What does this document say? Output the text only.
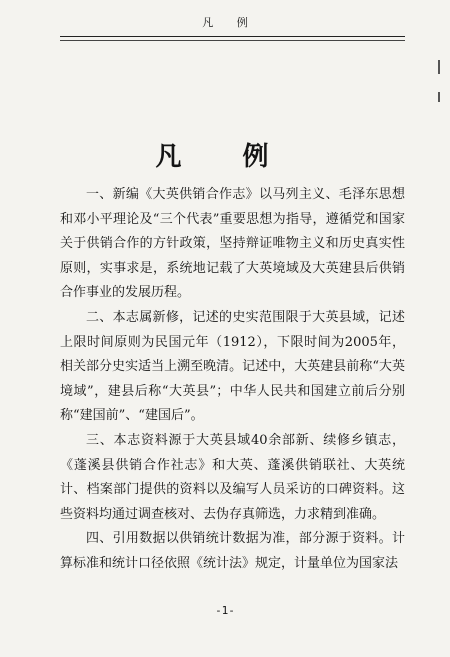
凡 例
凡 例

一、新编《大英供销合作志》以马列主义、毛泽东思想和邓小平理论及“三个代表”重要思想为指导，遵循党和国家关于供销合作的方针政策，坚持辩证唯物主义和历史真实性原则，实事求是，系统地记载了大英境域及大英建县后供销合作事业的发展历程。

二、本志属新修，记述的史实范围限于大英县域，记述上限时间原则为民国元年（1912），下限时间为2005年，相关部分史实适当上溯至晚清。记述中，大英建县前称“大英境域”，建县后称“大英县”；中华人民共和国建立前后分别称“建国前”、“建国后”。

三、本志资料源于大英县域40余部新、续修乡镇志，《蓬溪县供销合作社志》和大英、蓬溪供销联社、大英统计、档案部门提供的资料以及编写人员采访的口碑资料。这些资料均通过调查核对、去伪存真筛选，力求精到准确。

四、引用数据以供销统计数据为准，部分源于资料。计算标准和统计口径依照《统计法》规定，计量单位为国家法

-1-
